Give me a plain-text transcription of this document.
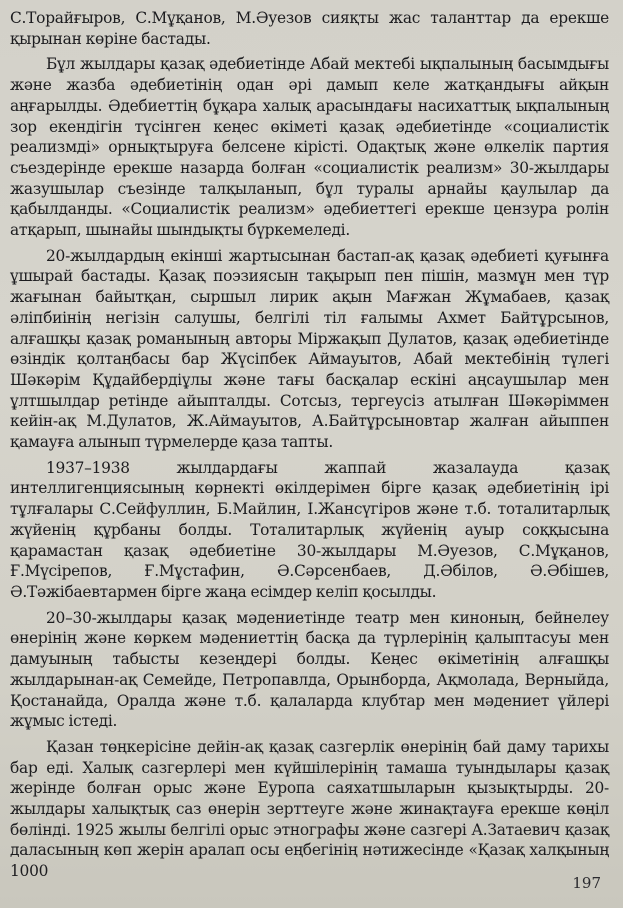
С.Торайғыров, С.Мұқанов, М.Әуезов сияқты жас таланттар да ерекше қырынан көріне бастады.

Бұл жылдары қазақ әдебиетінде Абай мектебі ықпалының басымдығы және жазба әдебиетінің одан әрі дамып келе жатқандығы айқын аңғарылды. Әдебиеттің бұқара халық арасындағы насихаттық ықпалының зор екендігін түсінген кеңес өкіметі қазақ әдебиетінде «социалистік реализмді» орнықтыруға белсене кірісті. Одақтық және өлкелік партия съездерінде ерекше назарда болған «социалистік реализм» 30-жылдары жазушылар съезінде талқыланып, бұл туралы арнайы қаулылар да қабылданды. «Социалистік реализм» әдебиеттегі ерекше цензура ролін атқарып, шынайы шындықты бүркемеледі.

20-жылдардың екінші жартысынан бастап-ақ қазақ әдебиеті қуғынға ұшырай бастады. Қазақ поэзиясын тақырып пен пішін, мазмұн мен түр жағынан байытқан, сыршыл лирик ақын Мағжан Жұмабаев, қазақ әліпбиінің негізін салушы, белгілі тіл ғалымы Ахмет Байтұрсынов, алғашқы қазақ романының авторы Міржақып Дулатов, қазақ әдебиетінде өзіндік қолтаңбасы бар Жүсіпбек Аймауытов, Абай мектебінің түлегі Шәкәрім Құдайбердіұлы және тағы басқалар ескіні аңсаушылар мен ұлтшылдар ретінде айыпталды. Сотсыз, тергеусіз атылған Шәкәріммен кейін-ақ М.Дулатов, Ж.Аймауытов, А.Байтұрсыновтар жалған айыппен қамауға алынып түрмелерде қаза тапты.

1937–1938 жылдардағы жаппай жазалауда қазақ интеллигенциясының көрнекті өкілдерімен бірге қазақ әдебиетінің ірі тұлғалары С.Сейфуллин, Б.Майлин, І.Жансүгіров және т.б. тоталитарлық жүйенің құрбаны болды. Тоталитарлық жүйенің ауыр соққысына қарамастан қазақ әдебиетіне 30-жылдары М.Әуезов, С.Мұқанов, Ғ.Мүсірепов, Ғ.Мұстафин, Ә.Сәрсенбаев, Д.Әбілов, Ә.Әбішев, Ә.Тәжібаевтармен бірге жаңа есімдер келіп қосылды.

20–30-жылдары қазақ мәдениетінде театр мен киноның, бейнелеу өнерінің және көркем мәдениеттің басқа да түрлерінің қалыптасуы мен дамуының табысты кезеңдері болды. Кеңес өкіметінің алғашқы жылдарынан-ақ Семейде, Петропавлда, Орынборда, Ақмолада, Верныйда, Қостанайда, Оралда және т.б. қалаларда клубтар мен мәдениет үйлері жұмыс істеді.

Қазан төңкерісіне дейін-ақ қазақ сазгерлік өнерінің бай даму тарихы бар еді. Халық сазгерлері мен күйшілерінің тамаша туындылары қазақ жерінде болған орыс және Еуропа саяхатшыларын қызықтырды. 20-жылдары халықтық саз өнерін зерттеуге және жинақтауға ерекше көңіл бөлінді. 1925 жылы белгілі орыс этнографы және сазгері А.Затаевич қазақ даласының көп жерін аралап осы еңбегінің нәтижесінде «Қазақ халқының 1000

197
